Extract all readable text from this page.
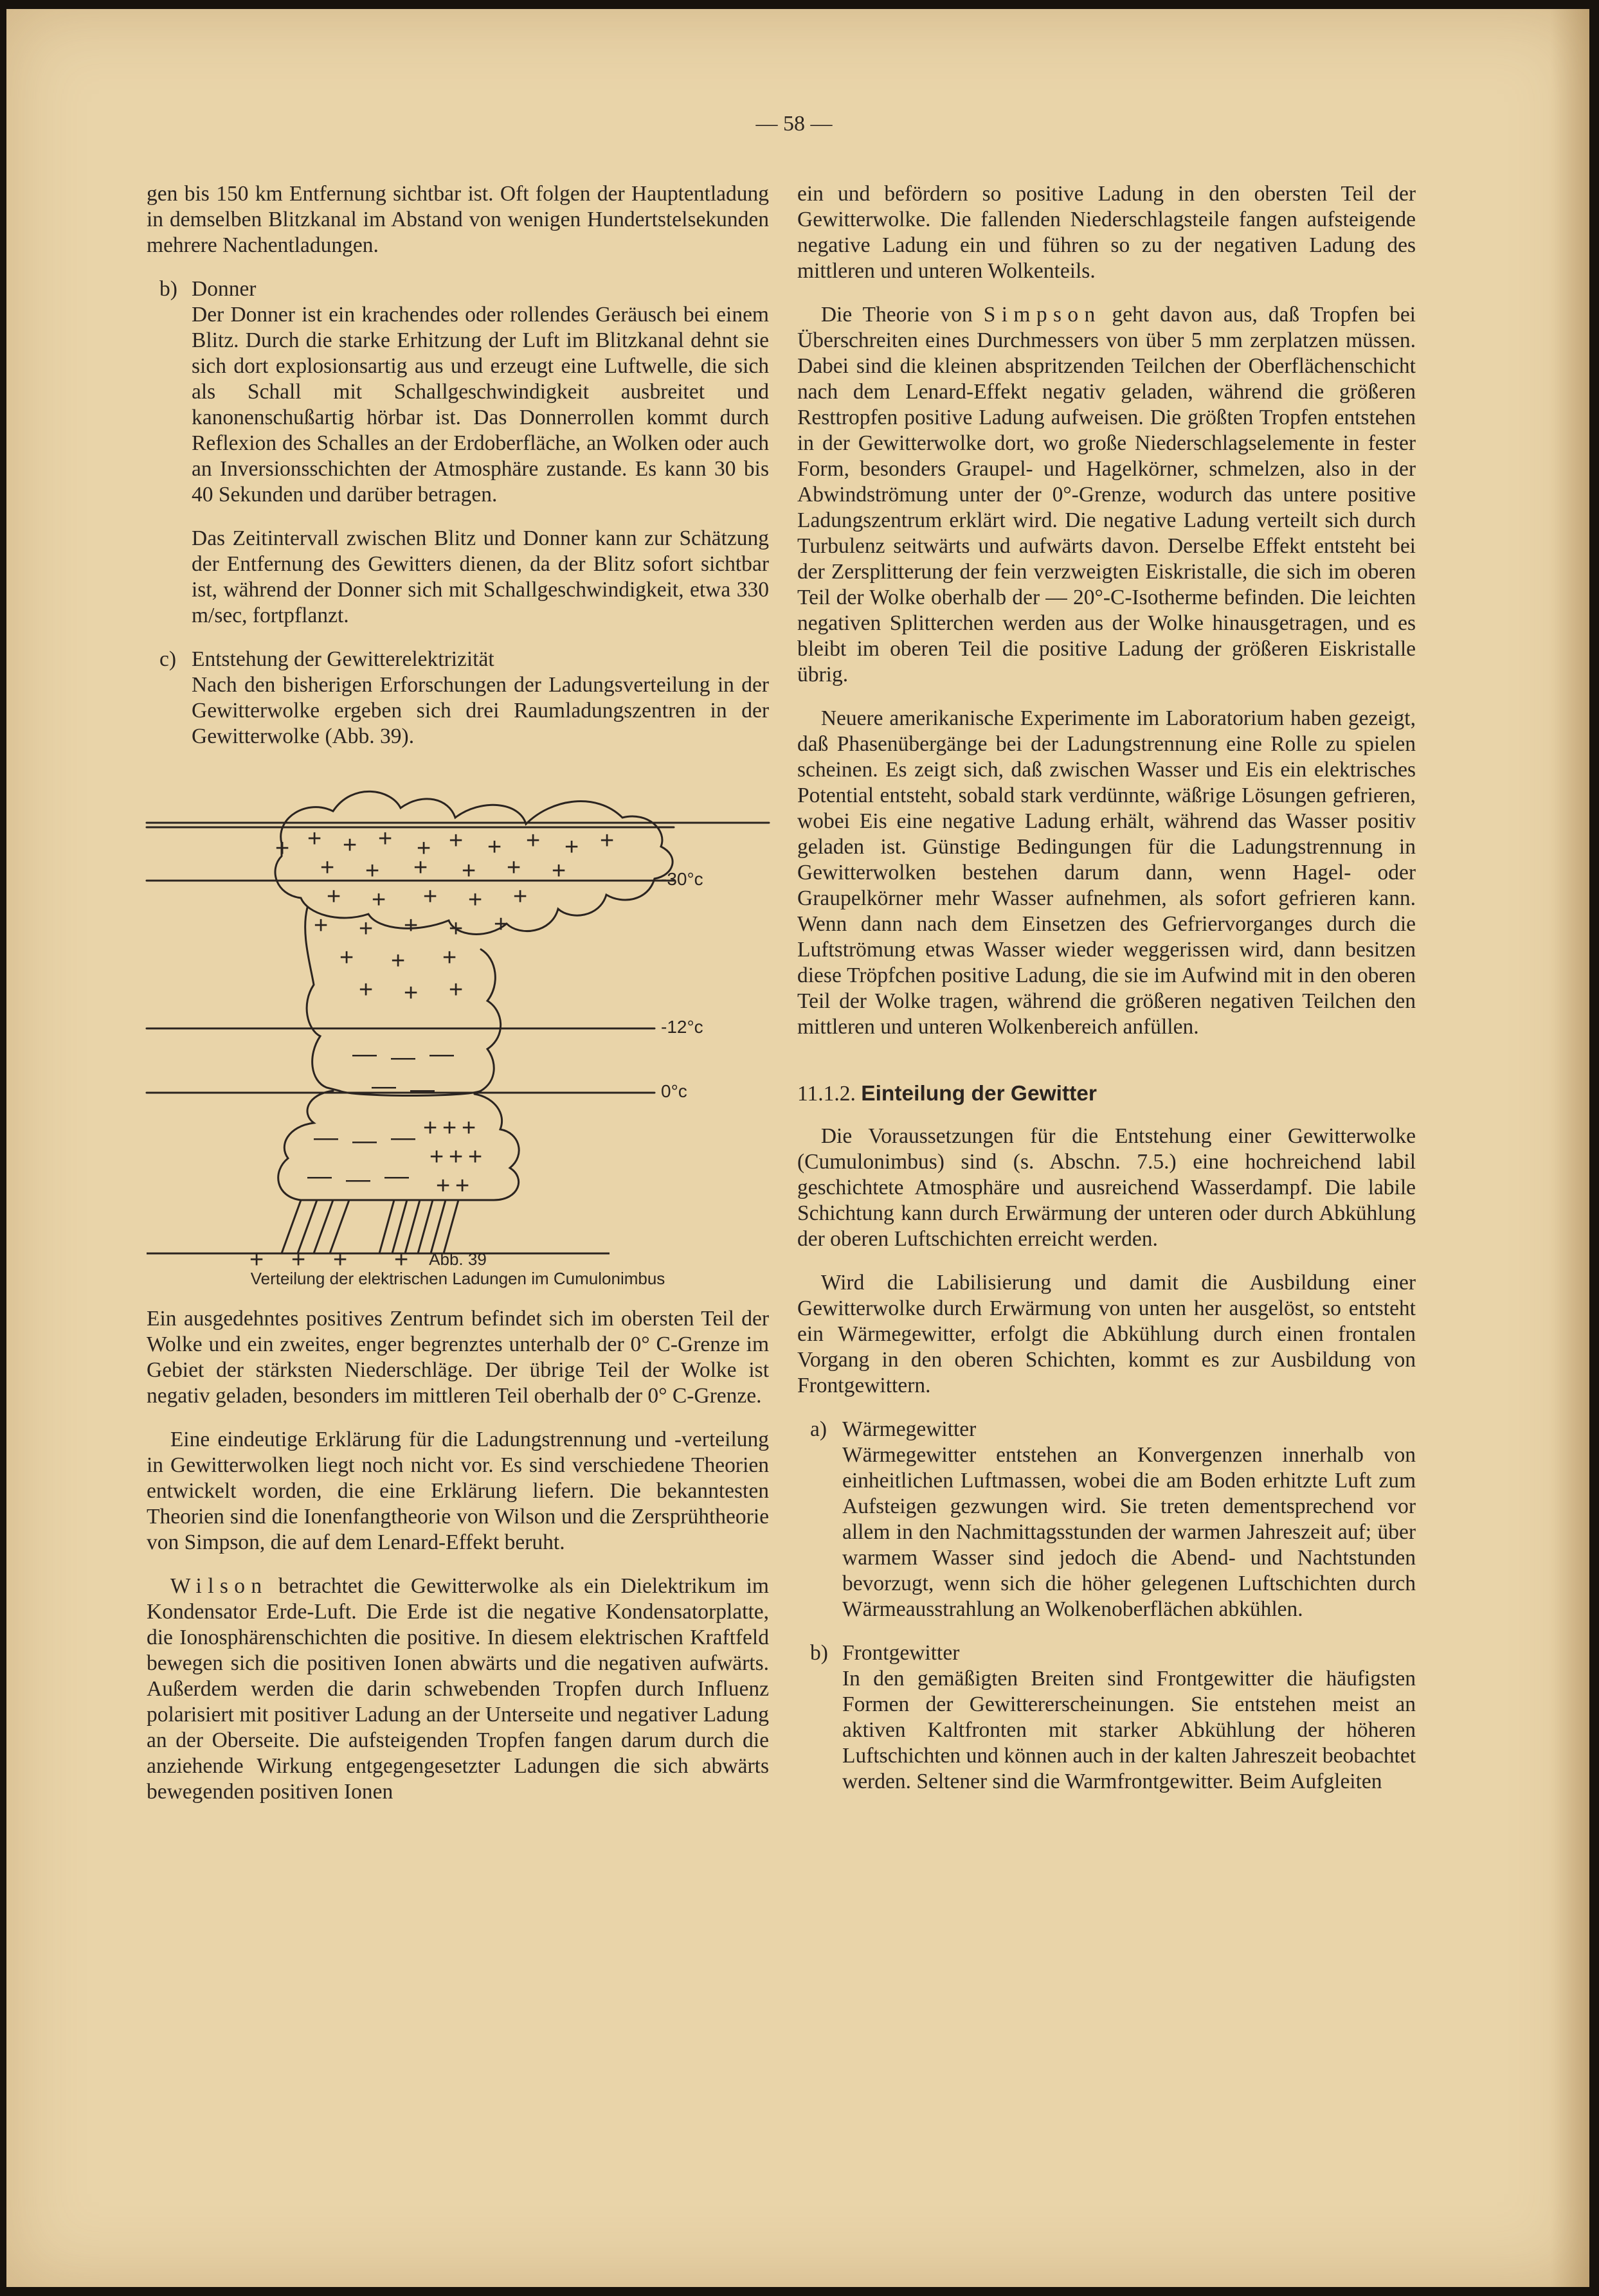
— 58 —

gen bis 150 km Entfernung sichtbar ist. Oft folgen der Hauptentladung in demselben Blitzkanal im Abstand von wenigen Hundertstelsekunden mehrere Nachentladungen.

b) Donner

Der Donner ist ein krachendes oder rollendes Geräusch bei einem Blitz. Durch die starke Erhitzung der Luft im Blitzkanal dehnt sie sich dort explosionsartig aus und erzeugt eine Luftwelle, die sich als Schall mit Schallgeschwindigkeit ausbreitet und kanonenschußartig hörbar ist. Das Donnerrollen kommt durch Reflexion des Schalles an der Erdoberfläche, an Wolken oder auch an Inversionsschichten der Atmosphäre zustande. Es kann 30 bis 40 Sekunden und darüber betragen.

Das Zeitintervall zwischen Blitz und Donner kann zur Schätzung der Entfernung des Gewitters dienen, da der Blitz sofort sichtbar ist, während der Donner sich mit Schallgeschwindigkeit, etwa 330 m/sec, fortpflanzt.

c) Entstehung der Gewitterelektrizität

Nach den bisherigen Erforschungen der Ladungsverteilung in der Gewitterwolke ergeben sich drei Raumladungszentren in der Gewitterwolke (Abb. 39).

+ + + + + + + + + +
+ + + + + +
+ + + + +
+ + + + +
+ + +
+ + +
— — —
— —
— — —
— — —
+ + +
+ + +
+ +
+ + + +
-30°c
-12°c
0°c
Abb. 39
Verteilung der elektrischen Ladungen im Cumulonimbus

Ein ausgedehntes positives Zentrum befindet sich im obersten Teil der Wolke und ein zweites, enger begrenztes unterhalb der 0° C-Grenze im Gebiet der stärksten Niederschläge. Der übrige Teil der Wolke ist negativ geladen, besonders im mittleren Teil oberhalb der 0° C-Grenze.

Eine eindeutige Erklärung für die Ladungstrennung und -verteilung in Gewitterwolken liegt noch nicht vor. Es sind verschiedene Theorien entwickelt worden, die eine Erklärung liefern. Die bekanntesten Theorien sind die Ionenfangtheorie von Wilson und die Zersprühtheorie von Simpson, die auf dem Lenard-Effekt beruht.

Wilson betrachtet die Gewitterwolke als ein Dielektrikum im Kondensator Erde-Luft. Die Erde ist die negative Kondensatorplatte, die Ionosphärenschichten die positive. In diesem elektrischen Kraftfeld bewegen sich die positiven Ionen abwärts und die negativen aufwärts. Außerdem werden die darin schwebenden Tropfen durch Influenz polarisiert mit positiver Ladung an der Unterseite und negativer Ladung an der Oberseite. Die aufsteigenden Tropfen fangen darum durch die anziehende Wirkung entgegengesetzter Ladungen die sich abwärts bewegenden positiven Ionen

ein und befördern so positive Ladung in den obersten Teil der Gewitterwolke. Die fallenden Niederschlagsteile fangen aufsteigende negative Ladung ein und führen so zu der negativen Ladung des mittleren und unteren Wolkenteils.

Die Theorie von Simpson geht davon aus, daß Tropfen bei Überschreiten eines Durchmessers von über 5 mm zerplatzen müssen. Dabei sind die kleinen abspritzenden Teilchen der Oberflächenschicht nach dem Lenard-Effekt negativ geladen, während die größeren Resttropfen positive Ladung aufweisen. Die größten Tropfen entstehen in der Gewitterwolke dort, wo große Niederschlagselemente in fester Form, besonders Graupel- und Hagelkörner, schmelzen, also in der Abwindströmung unter der 0°-Grenze, wodurch das untere positive Ladungszentrum erklärt wird. Die negative Ladung verteilt sich durch Turbulenz seitwärts und aufwärts davon. Derselbe Effekt entsteht bei der Zersplitterung der fein verzweigten Eiskristalle, die sich im oberen Teil der Wolke oberhalb der — 20°-C-Isotherme befinden. Die leichten negativen Splitterchen werden aus der Wolke hinausgetragen, und es bleibt im oberen Teil die positive Ladung der größeren Eiskristalle übrig.

Neuere amerikanische Experimente im Laboratorium haben gezeigt, daß Phasenübergänge bei der Ladungstrennung eine Rolle zu spielen scheinen. Es zeigt sich, daß zwischen Wasser und Eis ein elektrisches Potential entsteht, sobald stark verdünnte, wäßrige Lösungen gefrieren, wobei Eis eine negative Ladung erhält, während das Wasser positiv geladen ist. Günstige Bedingungen für die Ladungstrennung in Gewitterwolken bestehen darum dann, wenn Hagel- oder Graupelkörner mehr Wasser aufnehmen, als sofort gefrieren kann. Wenn dann nach dem Einsetzen des Gefriervorganges durch die Luftströmung etwas Wasser wieder weggerissen wird, dann besitzen diese Tröpfchen positive Ladung, die sie im Aufwind mit in den oberen Teil der Wolke tragen, während die größeren negativen Teilchen den mittleren und unteren Wolkenbereich anfüllen.

11.1.2. Einteilung der Gewitter

Die Voraussetzungen für die Entstehung einer Gewitterwolke (Cumulonimbus) sind (s. Abschn. 7.5.) eine hochreichend labil geschichtete Atmosphäre und ausreichend Wasserdampf. Die labile Schichtung kann durch Erwärmung der unteren oder durch Abkühlung der oberen Luftschichten erreicht werden.

Wird die Labilisierung und damit die Ausbildung einer Gewitterwolke durch Erwärmung von unten her ausgelöst, so entsteht ein Wärmegewitter, erfolgt die Abkühlung durch einen frontalen Vorgang in den oberen Schichten, kommt es zur Ausbildung von Frontgewittern.

a) Wärmegewitter

Wärmegewitter entstehen an Konvergenzen innerhalb von einheitlichen Luftmassen, wobei die am Boden erhitzte Luft zum Aufsteigen gezwungen wird. Sie treten dementsprechend vor allem in den Nachmittagsstunden der warmen Jahreszeit auf; über warmem Wasser sind jedoch die Abend- und Nachtstunden bevorzugt, wenn sich die höher gelegenen Luftschichten durch Wärmeausstrahlung an Wolkenoberflächen abkühlen.

b) Frontgewitter

In den gemäßigten Breiten sind Frontgewitter die häufigsten Formen der Gewittererscheinungen. Sie entstehen meist an aktiven Kaltfronten mit starker Abkühlung der höheren Luftschichten und können auch in der kalten Jahreszeit beobachtet werden. Seltener sind die Warmfrontgewitter. Beim Aufgleiten
